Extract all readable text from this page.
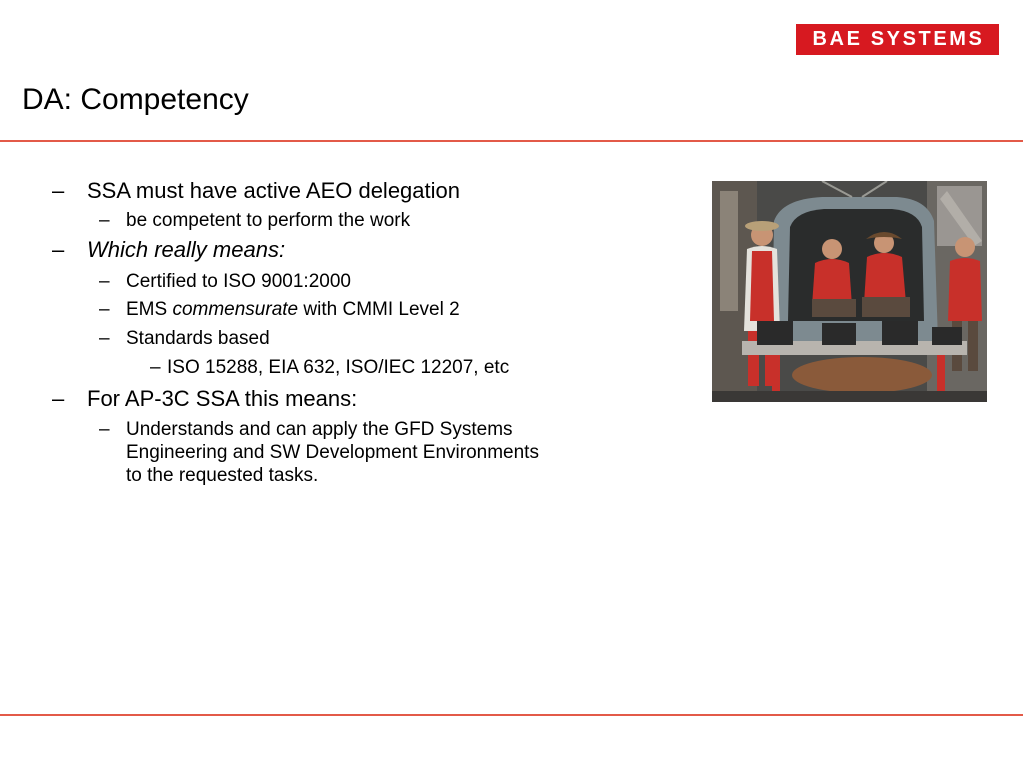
BAE SYSTEMS
DA: Competency
– SSA must have active AEO delegation
– be competent to perform the work
– Which really means:
– Certified to ISO 9001:2000
– EMS commensurate with CMMI Level 2
– Standards based
– ISO 15288, EIA 632, ISO/IEC 12207, etc
– For AP-3C SSA this means:
– Understands and can apply the GFD Systems
Engineering and SW Development Environments
to the requested tasks.
